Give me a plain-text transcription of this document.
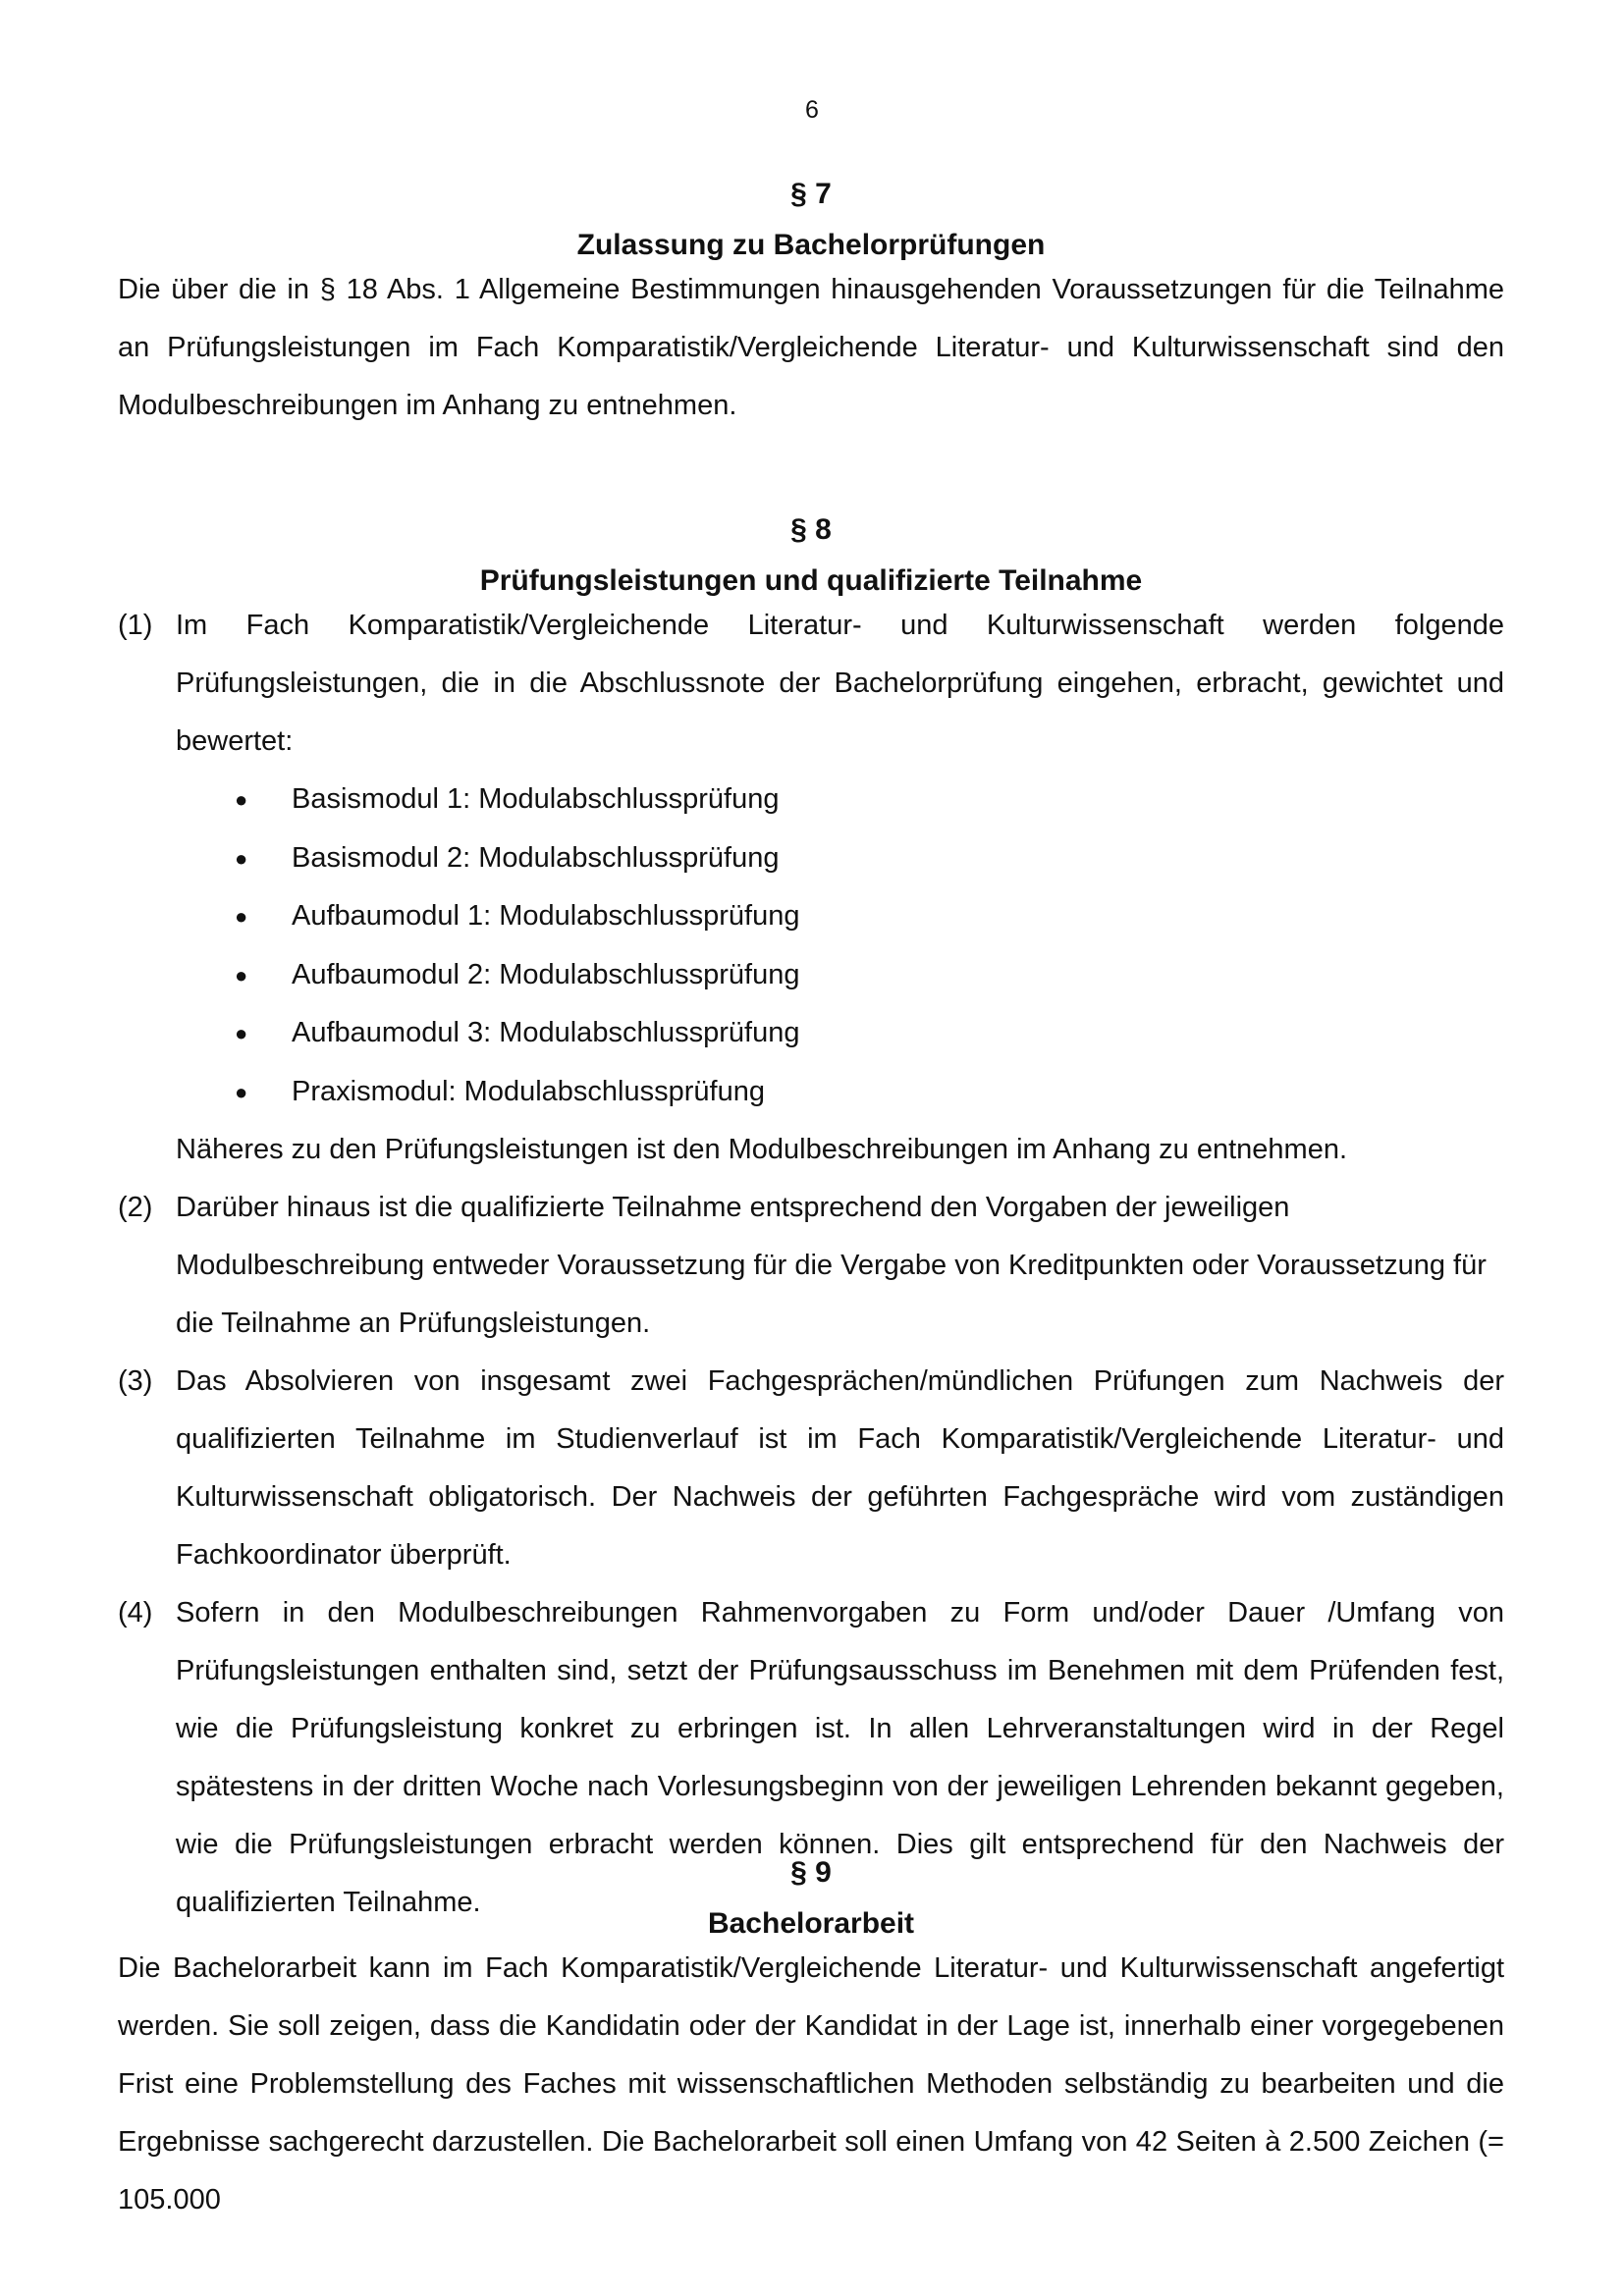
6
§ 7
Zulassung zu Bachelorprüfungen

Die über die in § 18 Abs. 1 Allgemeine Bestimmungen hinausgehenden Voraussetzungen für die Teilnahme an Prüfungsleistungen im Fach Komparatistik/Vergleichende Literatur- und Kulturwissenschaft sind den Modulbeschreibungen im Anhang zu entnehmen.

§ 8
Prüfungsleistungen und qualifizierte Teilnahme
(1) Im Fach Komparatistik/Vergleichende Literatur- und Kulturwissenschaft werden folgende Prüfungsleistungen, die in die Abschlussnote der Bachelorprüfung eingehen, erbracht, gewichtet und bewertet:

● Basismodul 1: Modulabschlussprüfung
● Basismodul 2: Modulabschlussprüfung
● Aufbaumodul 1: Modulabschlussprüfung
● Aufbaumodul 2: Modulabschlussprüfung
● Aufbaumodul 3: Modulabschlussprüfung
● Praxismodul: Modulabschlussprüfung

Näheres zu den Prüfungsleistungen ist den Modulbeschreibungen im Anhang zu entnehmen.

(2) Darüber hinaus ist die qualifizierte Teilnahme entsprechend den Vorgaben der jeweiligen Modulbeschreibung entweder Voraussetzung für die Vergabe von Kreditpunkten oder Voraussetzung für die Teilnahme an Prüfungsleistungen.

(3) Das Absolvieren von insgesamt zwei Fachgesprächen/mündlichen Prüfungen zum Nachweis der qualifizierten Teilnahme im Studienverlauf ist im Fach Komparatistik/Vergleichende Literatur- und Kulturwissenschaft obligatorisch. Der Nachweis der geführten Fachgespräche wird vom zuständigen Fachkoordinator überprüft.

(4) Sofern in den Modulbeschreibungen Rahmenvorgaben zu Form und/oder Dauer /Umfang von Prüfungsleistungen enthalten sind, setzt der Prüfungsausschuss im Benehmen mit dem Prüfenden fest, wie die Prüfungsleistung konkret zu erbringen ist. In allen Lehrveranstaltungen wird in der Regel spätestens in der dritten Woche nach Vorlesungsbeginn von der jeweiligen Lehrenden bekannt gegeben, wie die Prüfungsleistungen erbracht werden können. Dies gilt entsprechend für den Nachweis der qualifizierten Teilnahme.

§ 9
Bachelorarbeit

Die Bachelorarbeit kann im Fach Komparatistik/Vergleichende Literatur- und Kulturwissenschaft angefertigt werden. Sie soll zeigen, dass die Kandidatin oder der Kandidat in der Lage ist, innerhalb einer vorgegebenen Frist eine Problemstellung des Faches mit wissenschaftlichen Methoden selbständig zu bearbeiten und die Ergebnisse sachgerecht darzustellen. Die Bachelorarbeit soll einen Umfang von 42 Seiten à 2.500 Zeichen (= 105.000
